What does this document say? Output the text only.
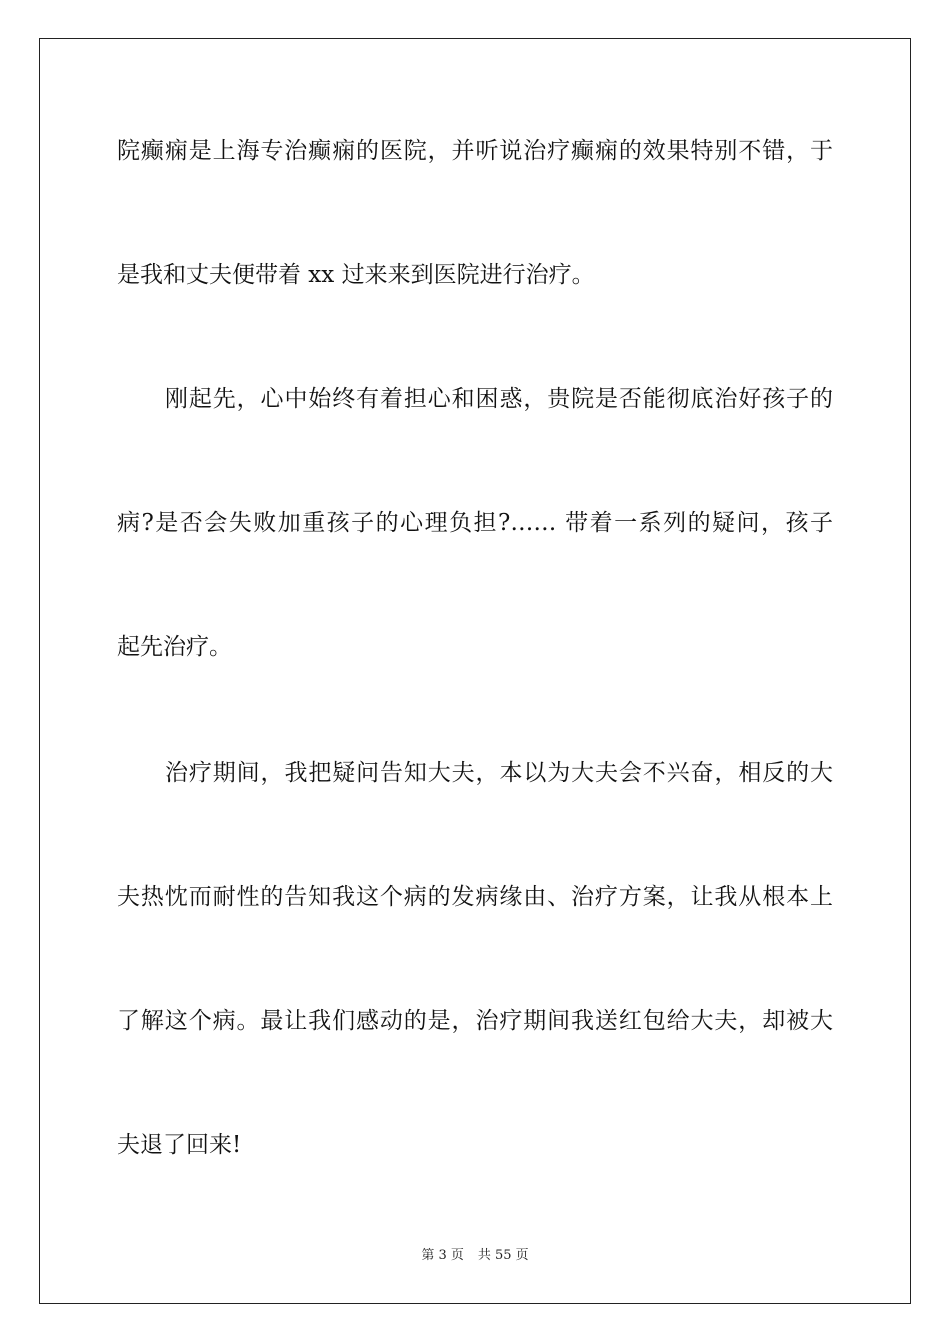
院癫痫是上海专治癫痫的医院，并听说治疗癫痫的效果特别不错，于
是我和丈夫便带着 xx 过来来到医院进行治疗。
刚起先，心中始终有着担心和困惑，贵院是否能彻底治好孩子的
病?是否会失败加重孩子的心理负担?…… 带着一系列的疑问，孩子
起先治疗。
治疗期间，我把疑问告知大夫，本以为大夫会不兴奋，相反的大
夫热忱而耐性的告知我这个病的发病缘由、治疗方案，让我从根本上
了解这个病。最让我们感动的是，治疗期间我送红包给大夫，却被大
夫退了回来!
第 3 页 共 55 页
